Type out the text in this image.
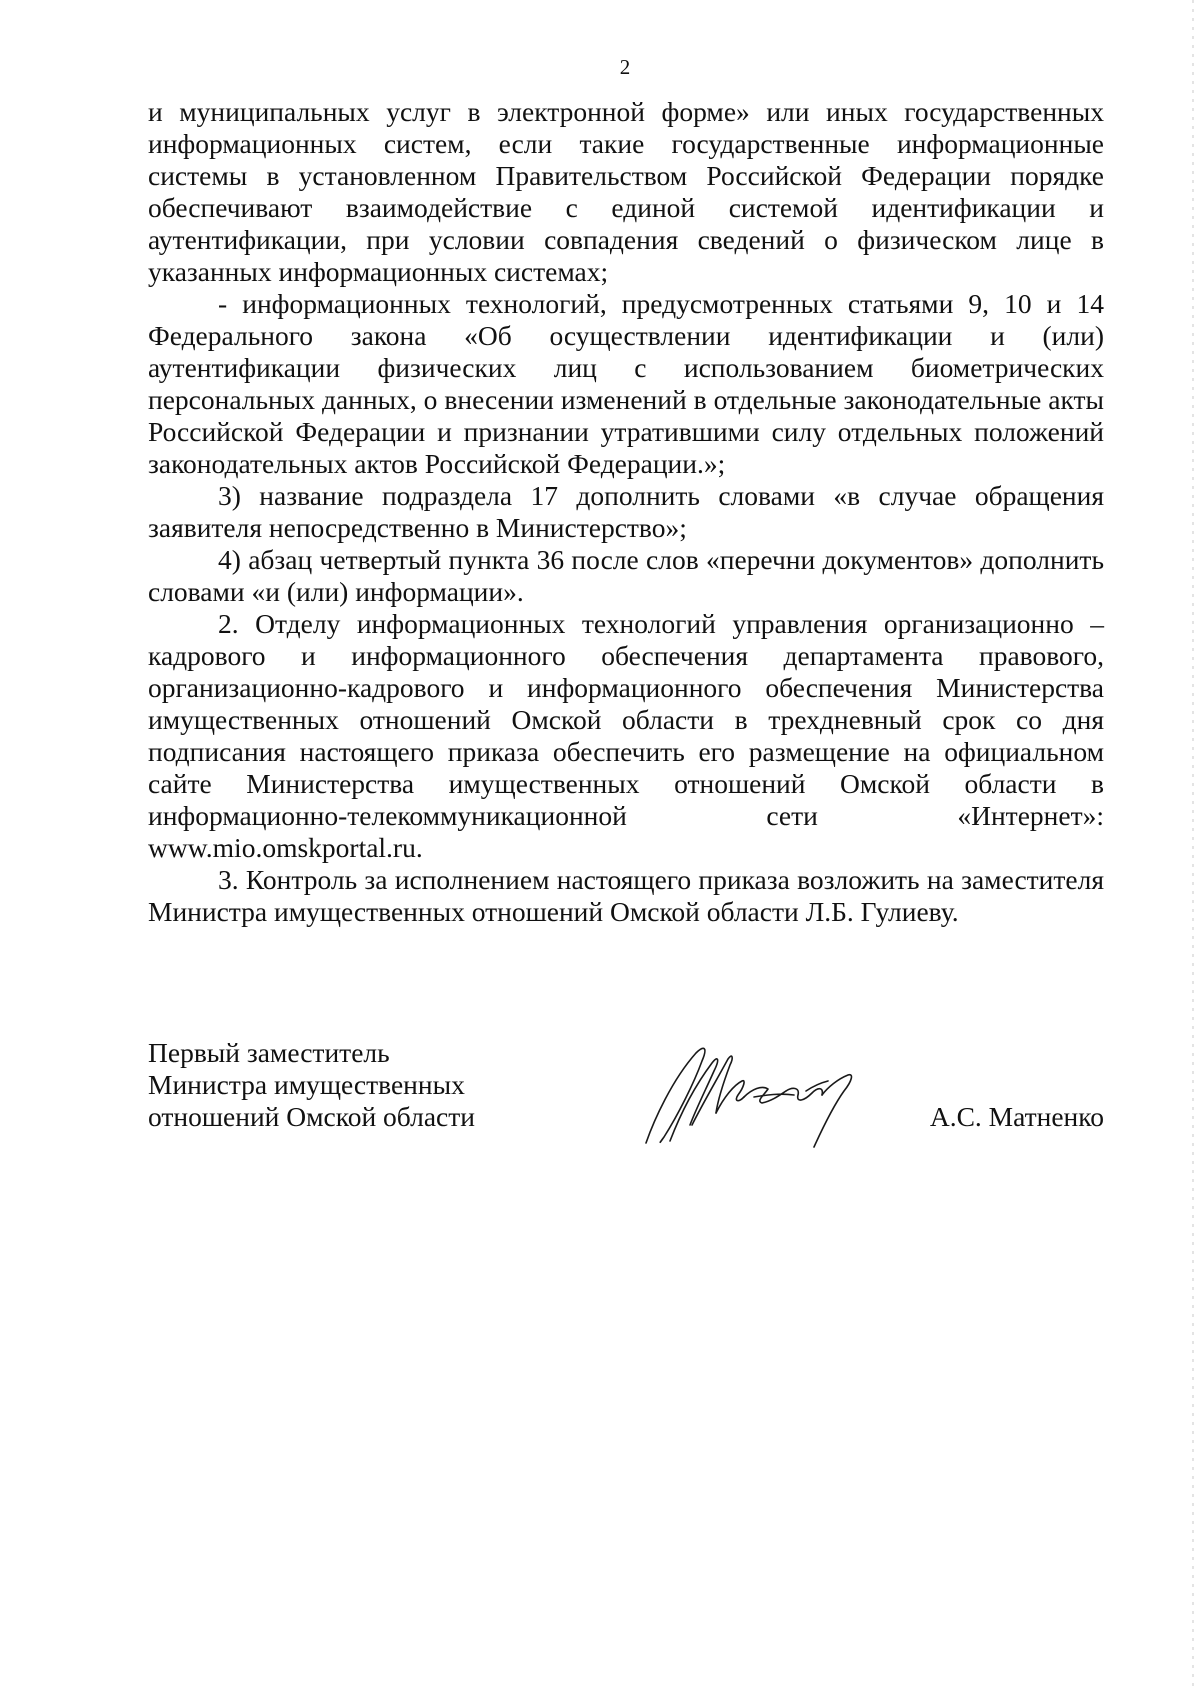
2

и муниципальных услуг в электронной форме» или иных государственных информационных систем, если такие государственные информационные системы в установленном Правительством Российской Федерации порядке обеспечивают взаимодействие с единой системой идентификации и аутентификации, при условии совпадения сведений о физическом лице в указанных информационных системах;

- информационных технологий, предусмотренных статьями 9, 10 и 14 Федерального закона «Об осуществлении идентификации и (или) аутентификации физических лиц с использованием биометрических персональных данных, о внесении изменений в отдельные законодательные акты Российской Федерации и признании утратившими силу отдельных положений законодательных актов Российской Федерации.»;

3) название подраздела 17 дополнить словами «в случае обращения заявителя непосредственно в Министерство»;

4) абзац четвертый пункта 36 после слов «перечни документов» дополнить словами «и (или) информации».

2. Отделу информационных технологий управления организационно – кадрового и информационного обеспечения департамента правового, организационно-кадрового и информационного обеспечения Министерства имущественных отношений Омской области в трехдневный срок со дня подписания настоящего приказа обеспечить его размещение на официальном сайте Министерства имущественных отношений Омской области в информационно-телекоммуникационной сети «Интернет»: www.mio.omskportal.ru.

3. Контроль за исполнением настоящего приказа возложить на заместителя Министра имущественных отношений Омской области Л.Б. Гулиеву.

Первый заместитель
Министра имущественных
отношений Омской области	А.С. Матненко
